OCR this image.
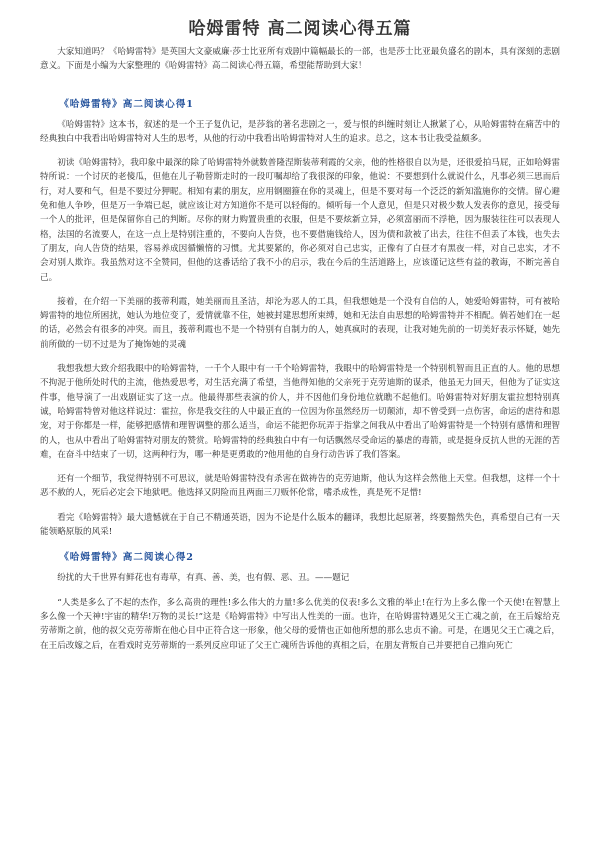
哈姆雷特 高二阅读心得五篇

大家知道吗？《哈姆雷特》是英国大文豪威廉·莎士比亚所有戏剧中篇幅最长的一部，也是莎士比亚最负盛名的剧本，具有深刻的悲剧意义。下面是小编为大家整理的《哈姆雷特》高二阅读心得五篇，希望能帮助到大家！

《哈姆雷特》高二阅读心得1

《哈姆雷特》这本书，叙述的是一个王子复仇记，是莎翁的著名悲剧之一，爱与恨的纠缠时刻让人揪紧了心，从哈姆雷特在痛苦中的经典独白中我看出哈姆雷特对人生的思考，从他的行动中我看出哈姆雷特对人生的追求。总之，这本书让我受益颇多。

初读《哈姆雷特》，我印象中最深的除了哈姆雷特外就数普隆涅斯装蒂利霞的父亲，他的性格很自以为是，还很爱拍马屁，正如哈姆雷特所说：一个讨厌的老傻瓜，但他在儿子勒替斯走时的一段叮嘱却给了我很深的印象，他说：不要想到什么就说什么，凡事必须三思而后行，对人要和气，但是不要过分狎昵。相知有素的朋友，应用钢圈箍在你的灵魂上，但是不要对每一个泛泛的新知滥施你的交情。留心避免和他人争吵，但是万一争端已起，就应该让对方知道你不是可以轻侮的。倾听每一个人意见，但是只对极少数人发表你的意见，接受每一个人的批评，但是保留你自己的判断。尽你的财力购置贵重的衣服，但是不要炫新立异，必须富丽而不浮艳，因为服装往往可以表现人格，法国的名流要人，在这一点上是特别注重的，不要向人告贷，也不要借施钱给人，因为债和款被了出去，往往不但丢了本钱，也失去了朋友，向人告贷的结果，容易养成因循懒惰的习惯。尤其要紧的，你必须对自己忠实，正像有了白昼才有黑夜一样，对自己忠实，才不会对别人欺诈。我虽然对这不全赞同，但他的这番话给了我不小的启示，我在今后的生活道路上，应该谨记这些有益的教诲，不断完善自己。

接着，在介绍一下美丽的莪蒂利霞，她美丽而且圣洁，却沦为恶人的工具，但我想她是一个没有自信的人，她爱哈姆雷特，可有被哈姆雷特的地位所困扰，她认为地位变了，爱情就靠不住，她被封建思想所束缚，她和无法自由思想的哈姆雷特并不相配。倘若她们在一起的话，必然会有很多的冲突。而且，莪蒂利霞也不是一个特别有自制力的人，她真疯时的表现，让我对她先前的一切美好表示怀疑，她先前所做的一切不过是为了掩饰她的灵魂

我想我想大致介绍我眼中的哈姆雷特，一千个人眼中有一千个哈姆雷特，我眼中的哈姆雷特是一个特别机智而且正直的人。他的思想不拘泥于他所处时代的主流，他热爱思考，对生活充满了希望，当他得知他的父亲死于克劳迪斯的谋杀，他虽无力回天，但他为了证实这件事，他导演了一出戏剧证实了这一点。他最得那些表演的价人，并不因他们身份地位就瞧不起他们。哈姆雷特对好朋友霍拉想特别真诚，哈姆雷特曾对他这样说过：霍拉，你是我交往的人中最正直的一位因为你虽然经历一切颠沛，却不曾受到一点伤害，命运的虐待和恩宠，对于你都是一样，能够把感情和理智调整的那么适当，命运不能把你玩弄于指掌之间我从中看出了哈姆雷特是一个特别有感情和理智的人，也从中看出了哈姆雷特对朋友的赞赏。哈姆雷特的经典独白中有一句话飘然尽受命运的暴虐的毒箭，或是挺身反抗人世的无涯的苦难，在奋斗中结束了一切，这两种行为，哪一种是更勇敢的?他用他的自身行动告诉了我们答案。

还有一个细节，我觉得特别不可思议，就是哈姆雷特没有杀害在做祷告的克劳迪斯，他认为这样会然他上天堂。但我想，这样一个十恶不赦的人，死后必定会下地狱吧。他选择又阴险而且两面三刀贩怀伦常，嗜杀成性，真是死不足惜!

看完《哈姆雷特》最大遗憾就在于自己不精通英语，因为不论是什么版本的翻译，我想比起原著，终要黯然失色，真希望自己有一天能领略原版的风采!

《哈姆雷特》高二阅读心得2

纷扰的大千世界有鲜花也有毒草，有真、善、美，也有假、恶、丑。——题记

“人类是多么了不起的杰作，多么高贵的理性!多么伟大的力量!多么优美的仪表!多么文雅的举止!在行为上多么像一个天使!在智慧上多么像一个天神!宇宙的精华!万物的灵长!”这是《哈姆雷特》中写出人性美的一面。也许，在哈姆雷特遇见父王亡魂之前，在王后嫁给克劳蒂斯之前，他的叔父克劳蒂斯在他心目中正符合这一形象，他父母的爱情也正如他所想的那么忠贞不渝。可是，在遇见父王亡魂之后，在王后改嫁之后，在看戏时克劳蒂斯的一系列反应印证了父王亡魂所告诉他的真相之后，在朋友背叛自己并要把自己推向死亡
